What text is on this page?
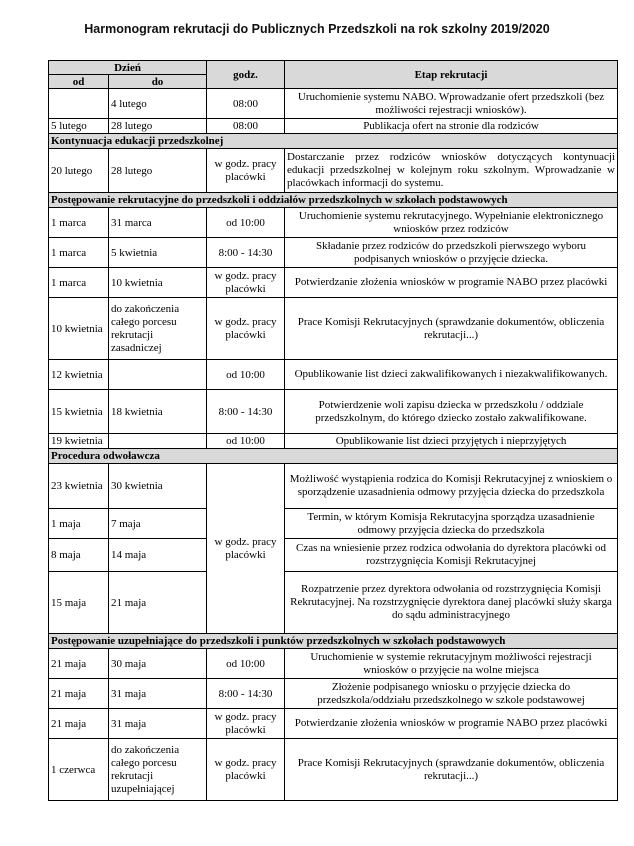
Harmonogram rekrutacji do Publicznych Przedszkoli na rok szkolny 2019/2020
Dzień		godz.	Etap rekrutacji
od	do		
	4 lutego	08:00	Uruchomienie systemu NABO. Wprowadzanie ofert przedszkoli (bez możliwości rejestracji wniosków).
5 lutego	28 lutego	08:00	Publikacja ofert na stronie dla rodziców
Kontynuacja edukacji przedszkolnej			
20 lutego	28 lutego	w godz. pracy placówki	Dostarczanie przez rodziców wniosków dotyczących kontynuacji edukacji przedszkolnej w kolejnym roku szkolnym. Wprowadzanie w placówkach informacji do systemu.
Postępowanie rekrutacyjne do przedszkoli i oddziałów przedszkolnych w szkołach podstawowych			
1 marca	31 marca	od 10:00	Uruchomienie systemu rekrutacyjnego. Wypełnianie elektronicznego wniosków przez rodziców
1 marca	5 kwietnia	8:00 - 14:30	Składanie przez rodziców do przedszkoli pierwszego wyboru podpisanych wniosków o przyjęcie dziecka.
1 marca	10 kwietnia	w godz. pracy placówki	Potwierdzanie złożenia wniosków w programie NABO przez placówki
10 kwietnia	do zakończenia całego porcesu rekrutacji zasadniczej	w godz. pracy placówki	Prace Komisji Rekrutacyjnych (sprawdzanie dokumentów, obliczenia rekrutacji...)
12 kwietnia		od 10:00	Opublikowanie list dzieci zakwalifikowanych i niezakwalifikowanych.
15 kwietnia	18 kwietnia	8:00 - 14:30	Potwierdzenie woli zapisu dziecka w przedszkolu / oddziale przedszkolnym, do którego dziecko zostało zakwalifikowane.
19 kwietnia		od 10:00	Opublikowanie list dzieci przyjętych i nieprzyjętych
Procedura odwoławcza			
23 kwietnia	30 kwietnia	w godz. pracy placówki	Możliwość wystąpienia rodzica do Komisji Rekrutacyjnej z wnioskiem o sporządzenie uzasadnienia odmowy przyjęcia dziecka do przedszkola
1 maja	7 maja		Termin, w którym Komisja Rekrutacyjna sporządza uzasadnienie odmowy przyjęcia dziecka do przedszkola
8 maja	14 maja		Czas na wniesienie przez rodzica odwołania do dyrektora placówki od rozstrzygnięcia Komisji Rekrutacyjnej
15 maja	21 maja		Rozpatrzenie przez dyrektora odwołania od rozstrzygnięcia Komisji Rekrutacyjnej. Na rozstrzygnięcie dyrektora danej placówki służy skarga do sądu administracyjnego
Postępowanie uzupełniające do przedszkoli i punktów przedszkolnych w szkołach podstawowych			
21 maja	30 maja	od 10:00	Uruchomienie w systemie rekrutacyjnym możliwości rejestracji wniosków o przyjęcie na wolne miejsca
21 maja	31 maja	8:00 - 14:30	Złożenie podpisanego wniosku o przyjęcie dziecka do przedszkola/oddziału przedszkolnego w szkole podstawowej
21 maja	31 maja	w godz. pracy placówki	Potwierdzanie złożenia wniosków w programie NABO przez placówki
1 czerwca	do zakończenia całego porcesu rekrutacji uzupełniającej	w godz. pracy placówki	Prace Komisji Rekrutacyjnych (sprawdzanie dokumentów, obliczenia rekrutacji...)
